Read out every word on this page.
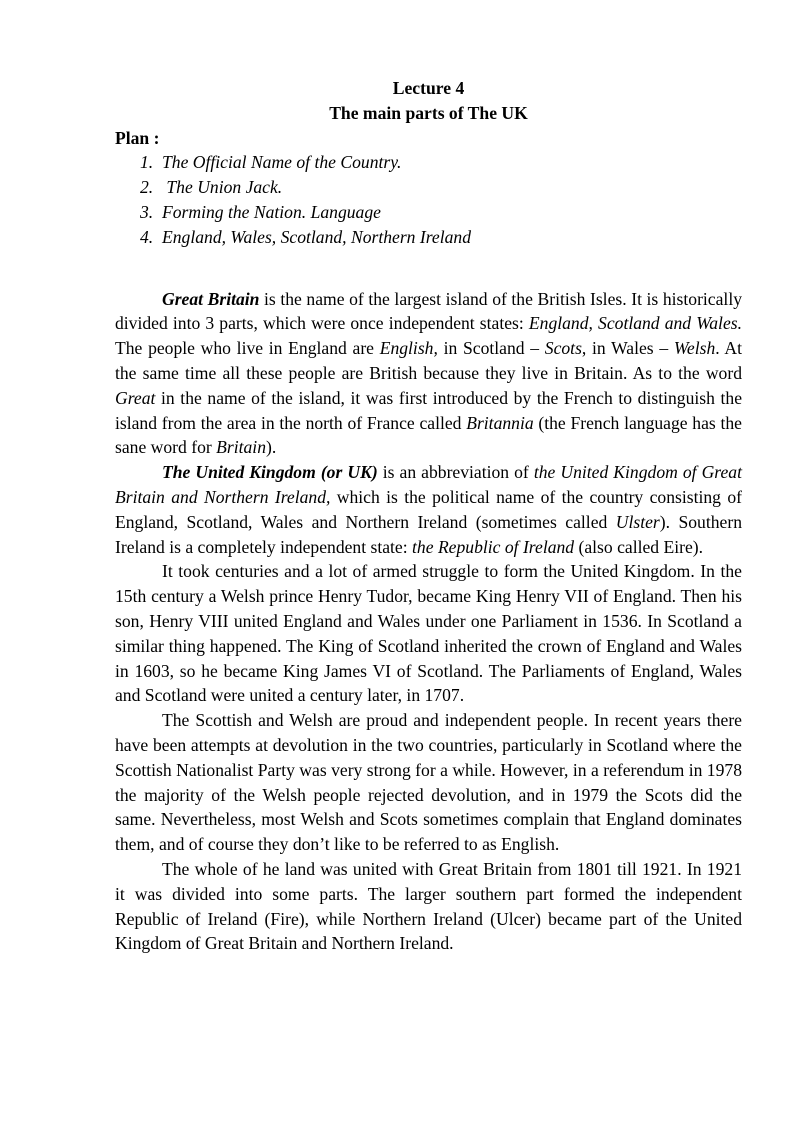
Lecture 4

The main parts of The UK

Plan :

1. The Official Name of the Country.
2. The Union Jack.
3. Forming the Nation. Language
4. England, Wales, Scotland, Northern Ireland

Great Britain is the name of the largest island of the British Isles. It is historically divided into 3 parts, which were once independent states: England, Scotland and Wales. The people who live in England are English, in Scotland – Scots, in Wales – Welsh. At the same time all these people are British because they live in Britain. As to the word Great in the name of the island, it was first introduced by the French to distinguish the island from the area in the north of France called Britannia (the French language has the sane word for Britain).

The United Kingdom (or UK) is an abbreviation of the United Kingdom of Great Britain and Northern Ireland, which is the political name of the country consisting of England, Scotland, Wales and Northern Ireland (sometimes called Ulster). Southern Ireland is a completely independent state: the Republic of Ireland (also called Eire).

It took centuries and a lot of armed struggle to form the United Kingdom. In the 15th century a Welsh prince Henry Tudor, became King Henry VII of England. Then his son, Henry VIII united England and Wales under one Parliament in 1536. In Scotland a similar thing happened. The King of Scotland inherited the crown of England and Wales in 1603, so he became King James VI of Scotland. The Parliaments of England, Wales and Scotland were united a century later, in 1707.

The Scottish and Welsh are proud and independent people. In recent years there have been attempts at devolution in the two countries, particularly in Scotland where the Scottish Nationalist Party was very strong for a while. However, in a referendum in 1978 the majority of the Welsh people rejected devolution, and in 1979 the Scots did the same. Nevertheless, most Welsh and Scots sometimes complain that England dominates them, and of course they don’t like to be referred to as English.

The whole of he land was united with Great Britain from 1801 till 1921. In 1921 it was divided into some parts. The larger southern part formed the independent Republic of Ireland (Fire), while Northern Ireland (Ulcer) became part of the United Kingdom of Great Britain and Northern Ireland.
